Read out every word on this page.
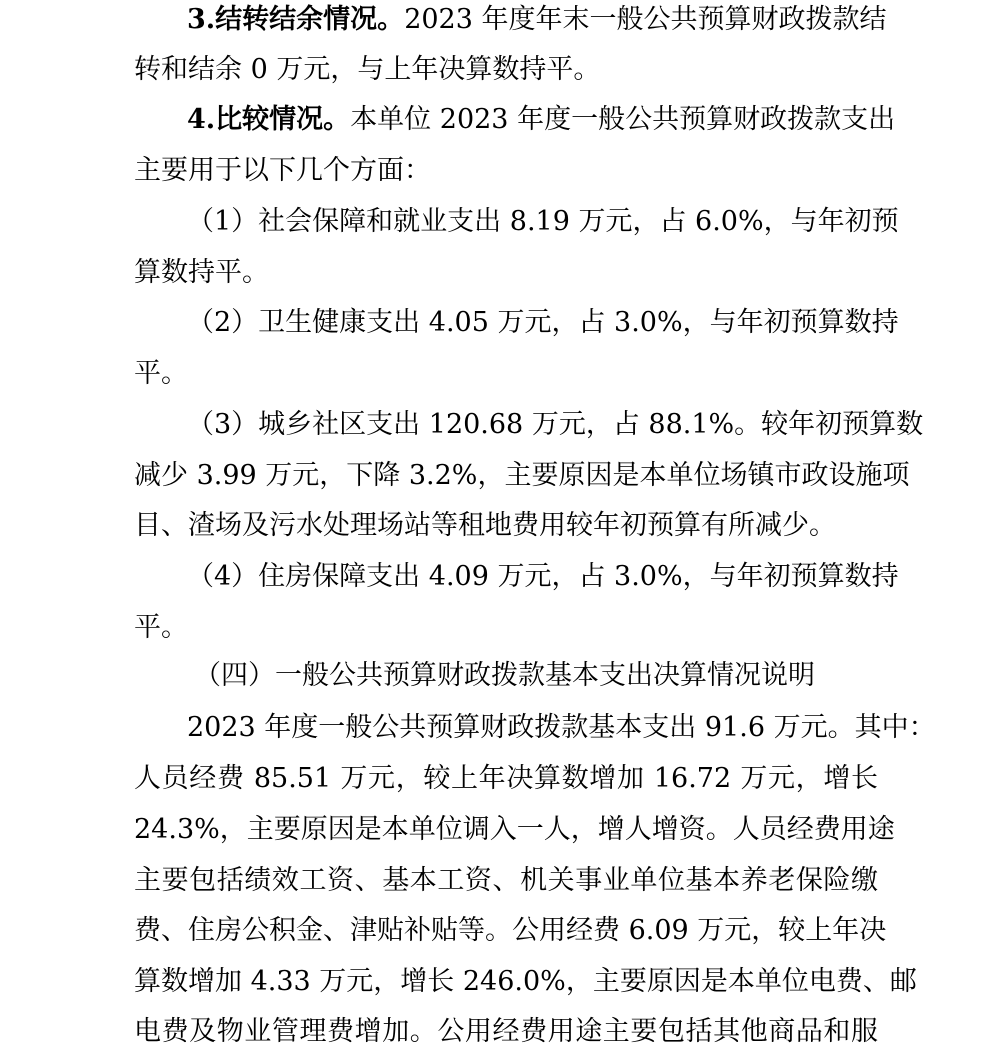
3.结转结余情况。2023 年度年末一般公共预算财政拨款结
转和结余 0 万元，与上年决算数持平。
4.比较情况。本单位 2023 年度一般公共预算财政拨款支出
主要用于以下几个方面：
（1）社会保障和就业支出 8.19 万元，占 6.0%，与年初预
算数持平。
（2）卫生健康支出 4.05 万元，占 3.0%，与年初预算数持
平。
（3）城乡社区支出 120.68 万元，占 88.1%。较年初预算数
减少 3.99 万元，下降 3.2%，主要原因是本单位场镇市政设施项
目、渣场及污水处理场站等租地费用较年初预算有所减少。
（4）住房保障支出 4.09 万元，占 3.0%，与年初预算数持
平。
（四）一般公共预算财政拨款基本支出决算情况说明
2023 年度一般公共预算财政拨款基本支出 91.6 万元。其中：
人员经费 85.51 万元，较上年决算数增加 16.72 万元，增长
24.3%，主要原因是本单位调入一人，增人增资。人员经费用途
主要包括绩效工资、基本工资、机关事业单位基本养老保险缴
费、住房公积金、津贴补贴等。公用经费 6.09 万元，较上年决
算数增加 4.33 万元，增长 246.0%，主要原因是本单位电费、邮
电费及物业管理费增加。公用经费用途主要包括其他商品和服
